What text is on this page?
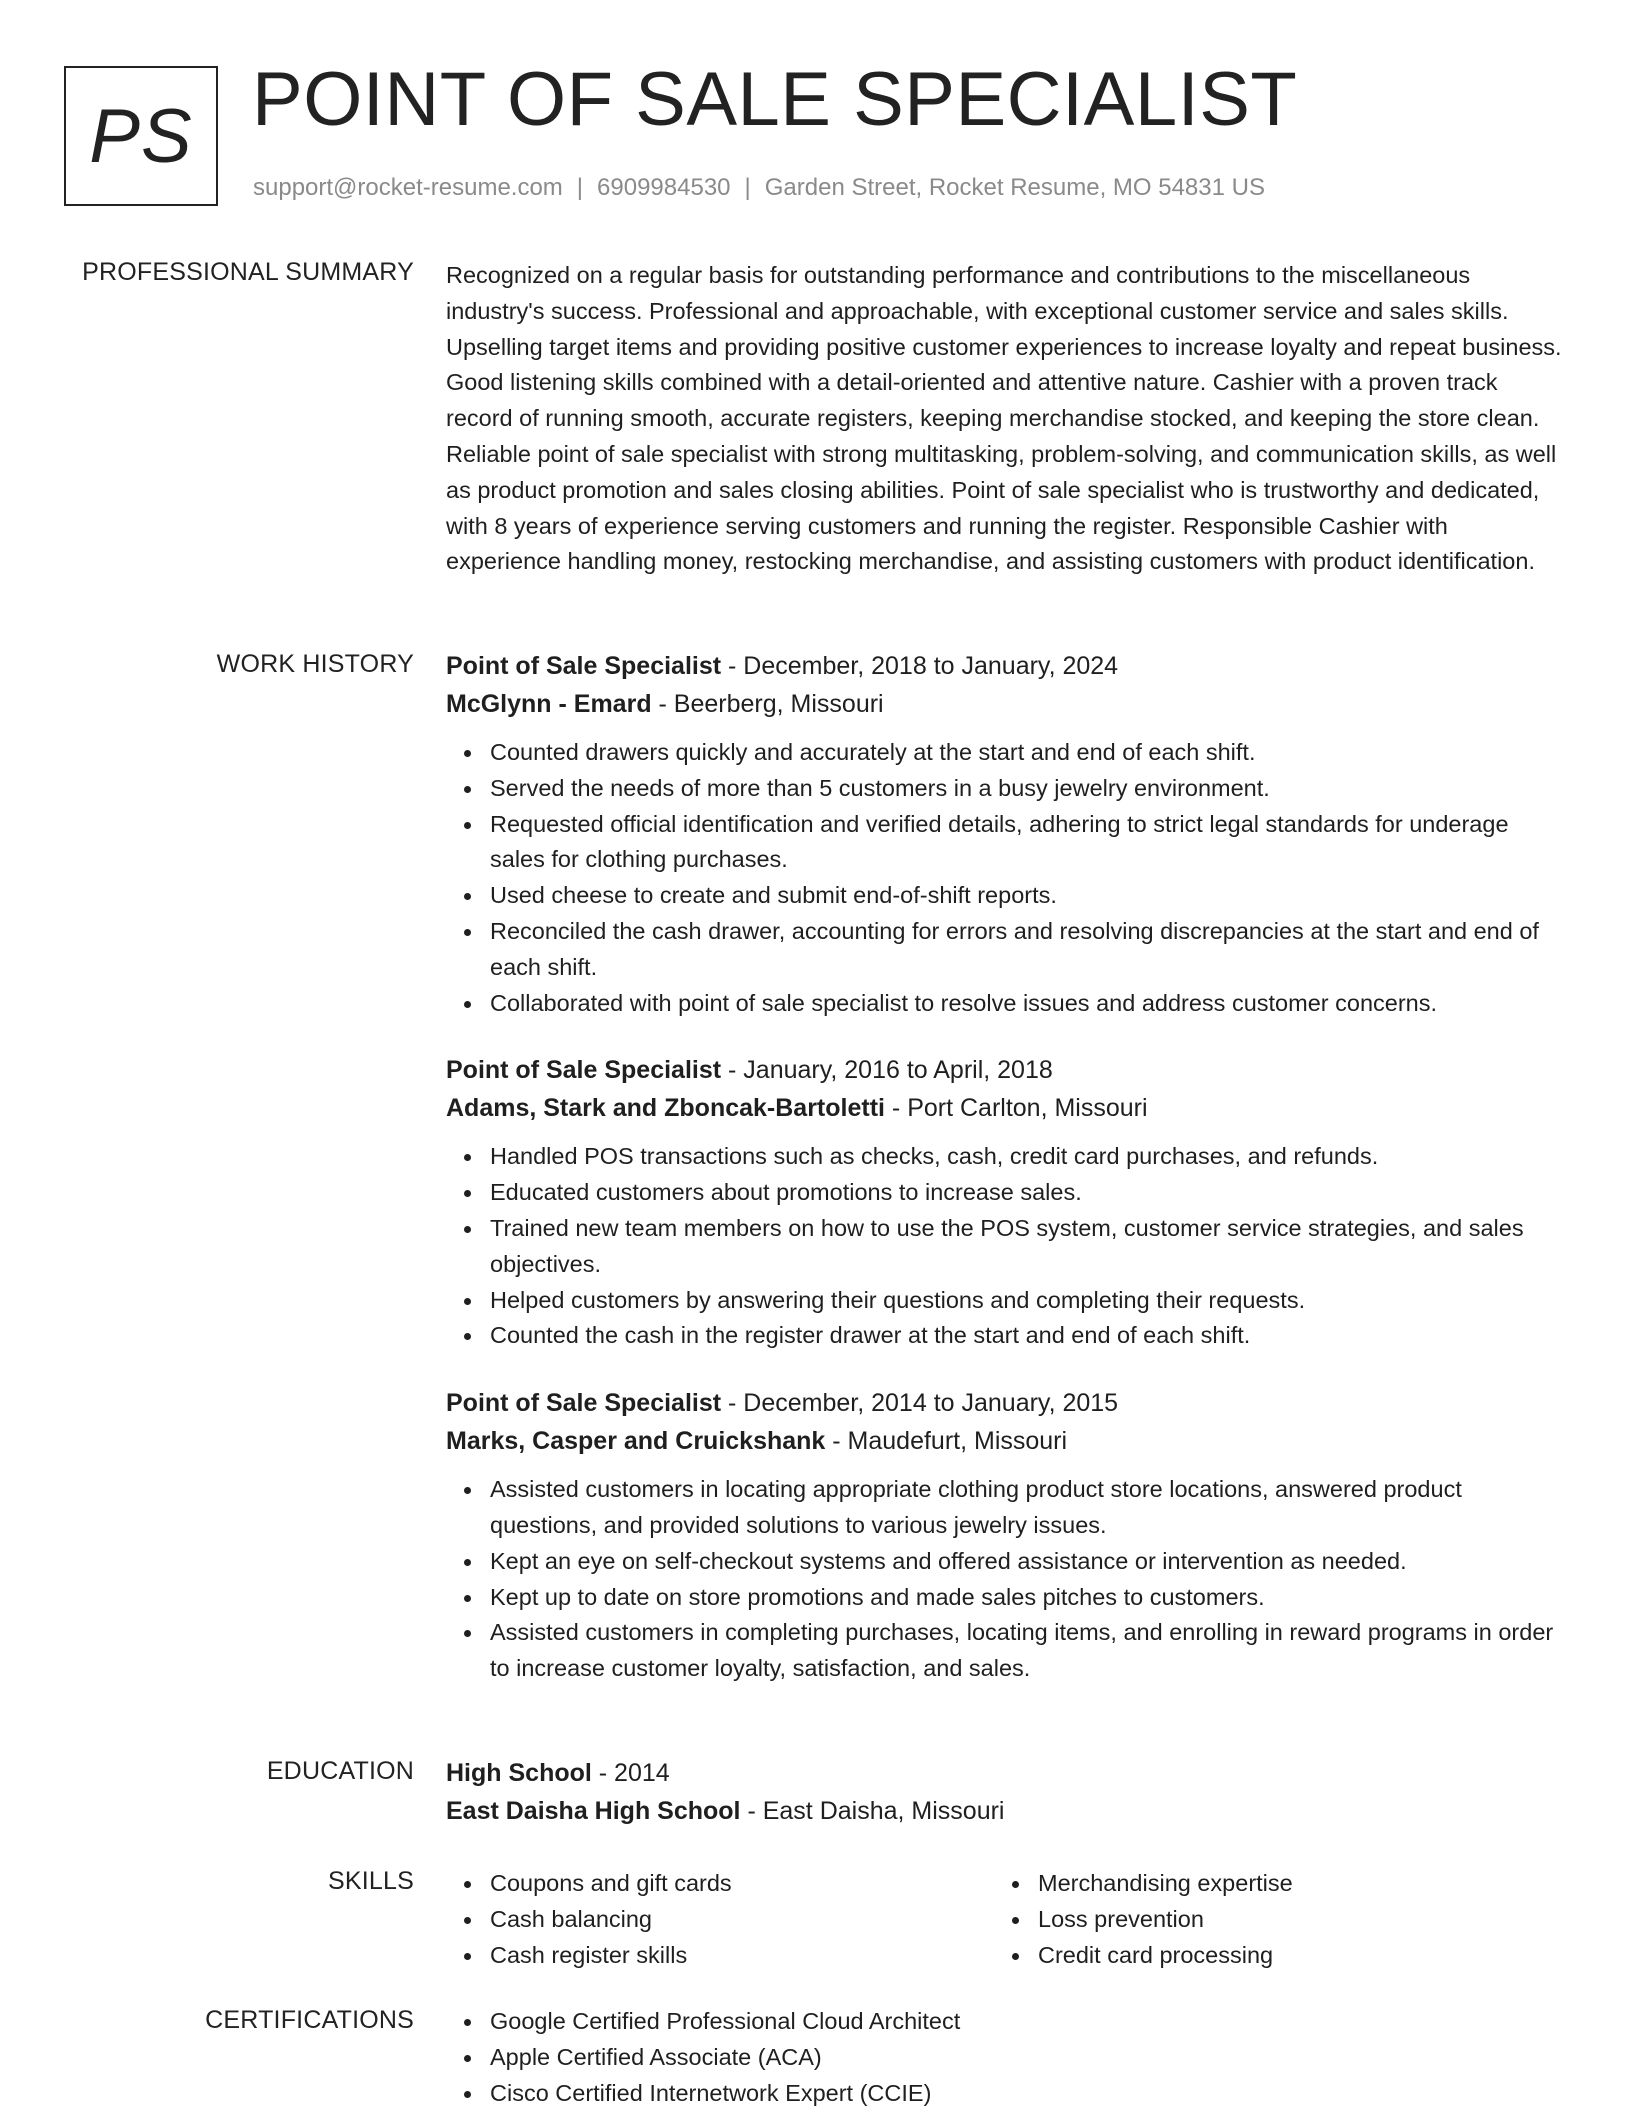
PS POINT OF SALE SPECIALIST
support@rocket-resume.com | 6909984530 | Garden Street, Rocket Resume, MO 54831 US
PROFESSIONAL SUMMARY Recognized on a regular basis for outstanding performance and contributions to the miscellaneous industry's success. Professional and approachable, with exceptional customer service and sales skills. Upselling target items and providing positive customer experiences to increase loyalty and repeat business. Good listening skills combined with a detail-oriented and attentive nature. Cashier with a proven track record of running smooth, accurate registers, keeping merchandise stocked, and keeping the store clean. Reliable point of sale specialist with strong multitasking, problem-solving, and communication skills, as well as product promotion and sales closing abilities. Point of sale specialist who is trustworthy and dedicated, with 8 years of experience serving customers and running the register. Responsible Cashier with experience handling money, restocking merchandise, and assisting customers with product identification.

WORK HISTORY Point of Sale Specialist - December, 2018 to January, 2024
McGlynn - Emard - Beerberg, Missouri
Counted drawers quickly and accurately at the start and end of each shift.
Served the needs of more than 5 customers in a busy jewelry environment.
Requested official identification and verified details, adhering to strict legal standards for underage sales for clothing purchases.
Used cheese to create and submit end-of-shift reports.
Reconciled the cash drawer, accounting for errors and resolving discrepancies at the start and end of each shift.
Collaborated with point of sale specialist to resolve issues and address customer concerns.
Point of Sale Specialist - January, 2016 to April, 2018
Adams, Stark and Zboncak-Bartoletti - Port Carlton, Missouri
Handled POS transactions such as checks, cash, credit card purchases, and refunds.
Educated customers about promotions to increase sales.
Trained new team members on how to use the POS system, customer service strategies, and sales objectives.
Helped customers by answering their questions and completing their requests.
Counted the cash in the register drawer at the start and end of each shift.
Point of Sale Specialist - December, 2014 to January, 2015
Marks, Casper and Cruickshank - Maudefurt, Missouri
Assisted customers in locating appropriate clothing product store locations, answered product questions, and provided solutions to various jewelry issues.
Kept an eye on self-checkout systems and offered assistance or intervention as needed.
Kept up to date on store promotions and made sales pitches to customers.
Assisted customers in completing purchases, locating items, and enrolling in reward programs in order to increase customer loyalty, satisfaction, and sales.
EDUCATION High School - 2014
East Daisha High School - East Daisha, Missouri
SKILLS	Coupons and gift cards
Cash balancing
Cash register skills
Merchandising expertise
Loss prevention
Credit card processing
CERTIFICATIONS	Google Certified Professional Cloud Architect
Apple Certified Associate (ACA)
Cisco Certified Internetwork Expert (CCIE)
